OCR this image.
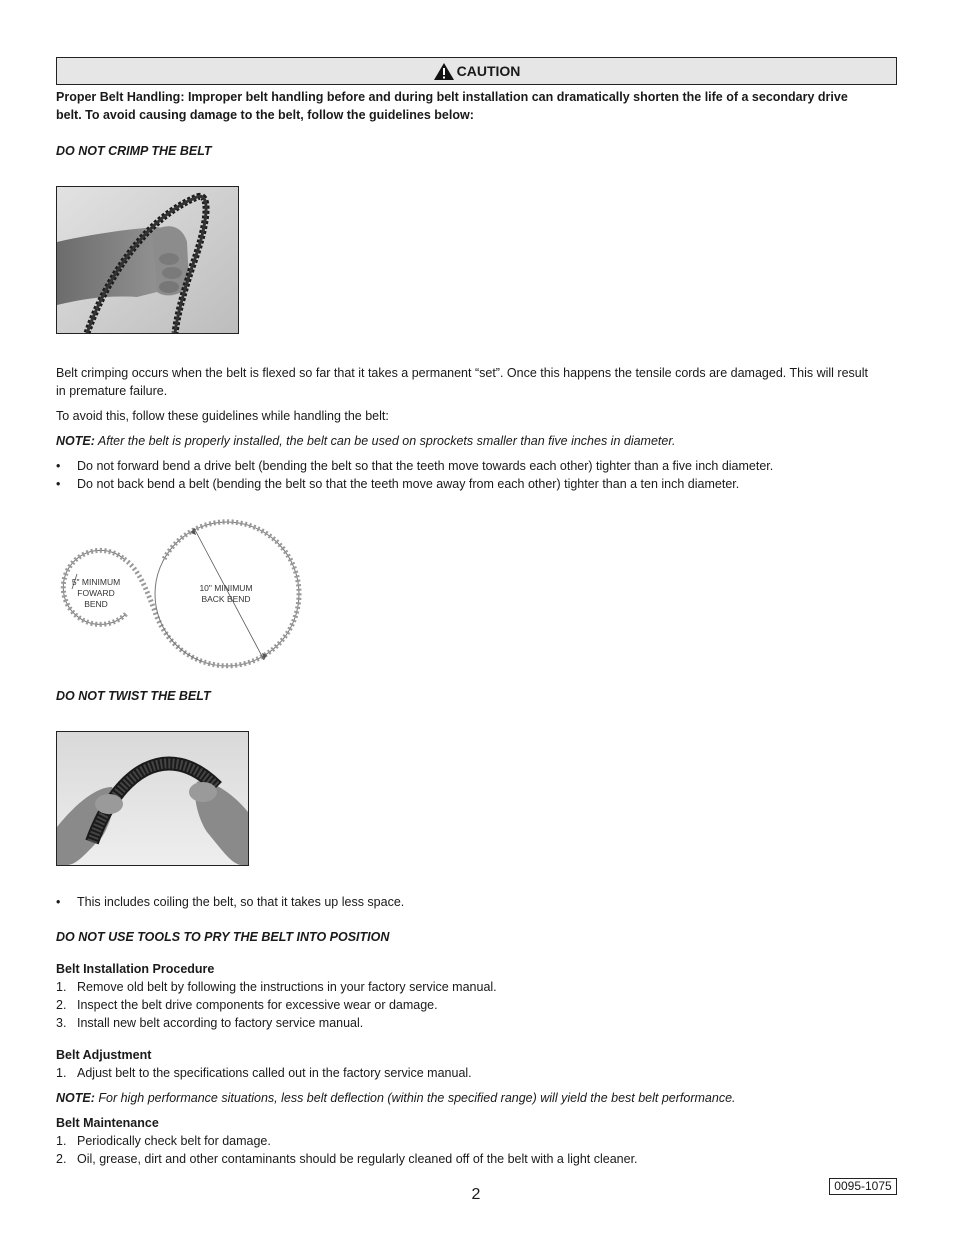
CAUTION
Proper Belt Handling: Improper belt handling before and during belt installation can dramatically shorten the life of a secondary drive
belt. To avoid causing damage to the belt, follow the guidelines below:
DO NOT CRIMP THE BELT
Belt crimping occurs when the belt is flexed so far that it takes a permanent “set”. Once this happens the tensile cords are damaged. This will result
in premature failure.
To avoid this, follow these guidelines while handling the belt:
NOTE: After the belt is properly installed, the belt can be used on sprockets smaller than five inches in diameter.
• Do not forward bend a drive belt (bending the belt so that the teeth move towards each other) tighter than a five inch diameter.
• Do not back bend a belt (bending the belt so that the teeth move away from each other) tighter than a ten inch diameter.
5" MINIMUM
FOWARD
BEND
10" MINIMUM
BACK BEND
DO NOT TWIST THE BELT
• This includes coiling the belt, so that it takes up less space.
DO NOT USE TOOLS TO PRY THE BELT INTO POSITION
Belt Installation Procedure
1. Remove old belt by following the instructions in your factory service manual.
2. Inspect the belt drive components for excessive wear or damage.
3. Install new belt according to factory service manual.
Belt Adjustment
1. Adjust belt to the specifications called out in the factory service manual.
NOTE: For high performance situations, less belt deflection (within the specified range) will yield the best belt performance.
Belt Maintenance
1. Periodically check belt for damage.
2. Oil, grease, dirt and other contaminants should be regularly cleaned off of the belt with a light cleaner.
2	0095-1075
